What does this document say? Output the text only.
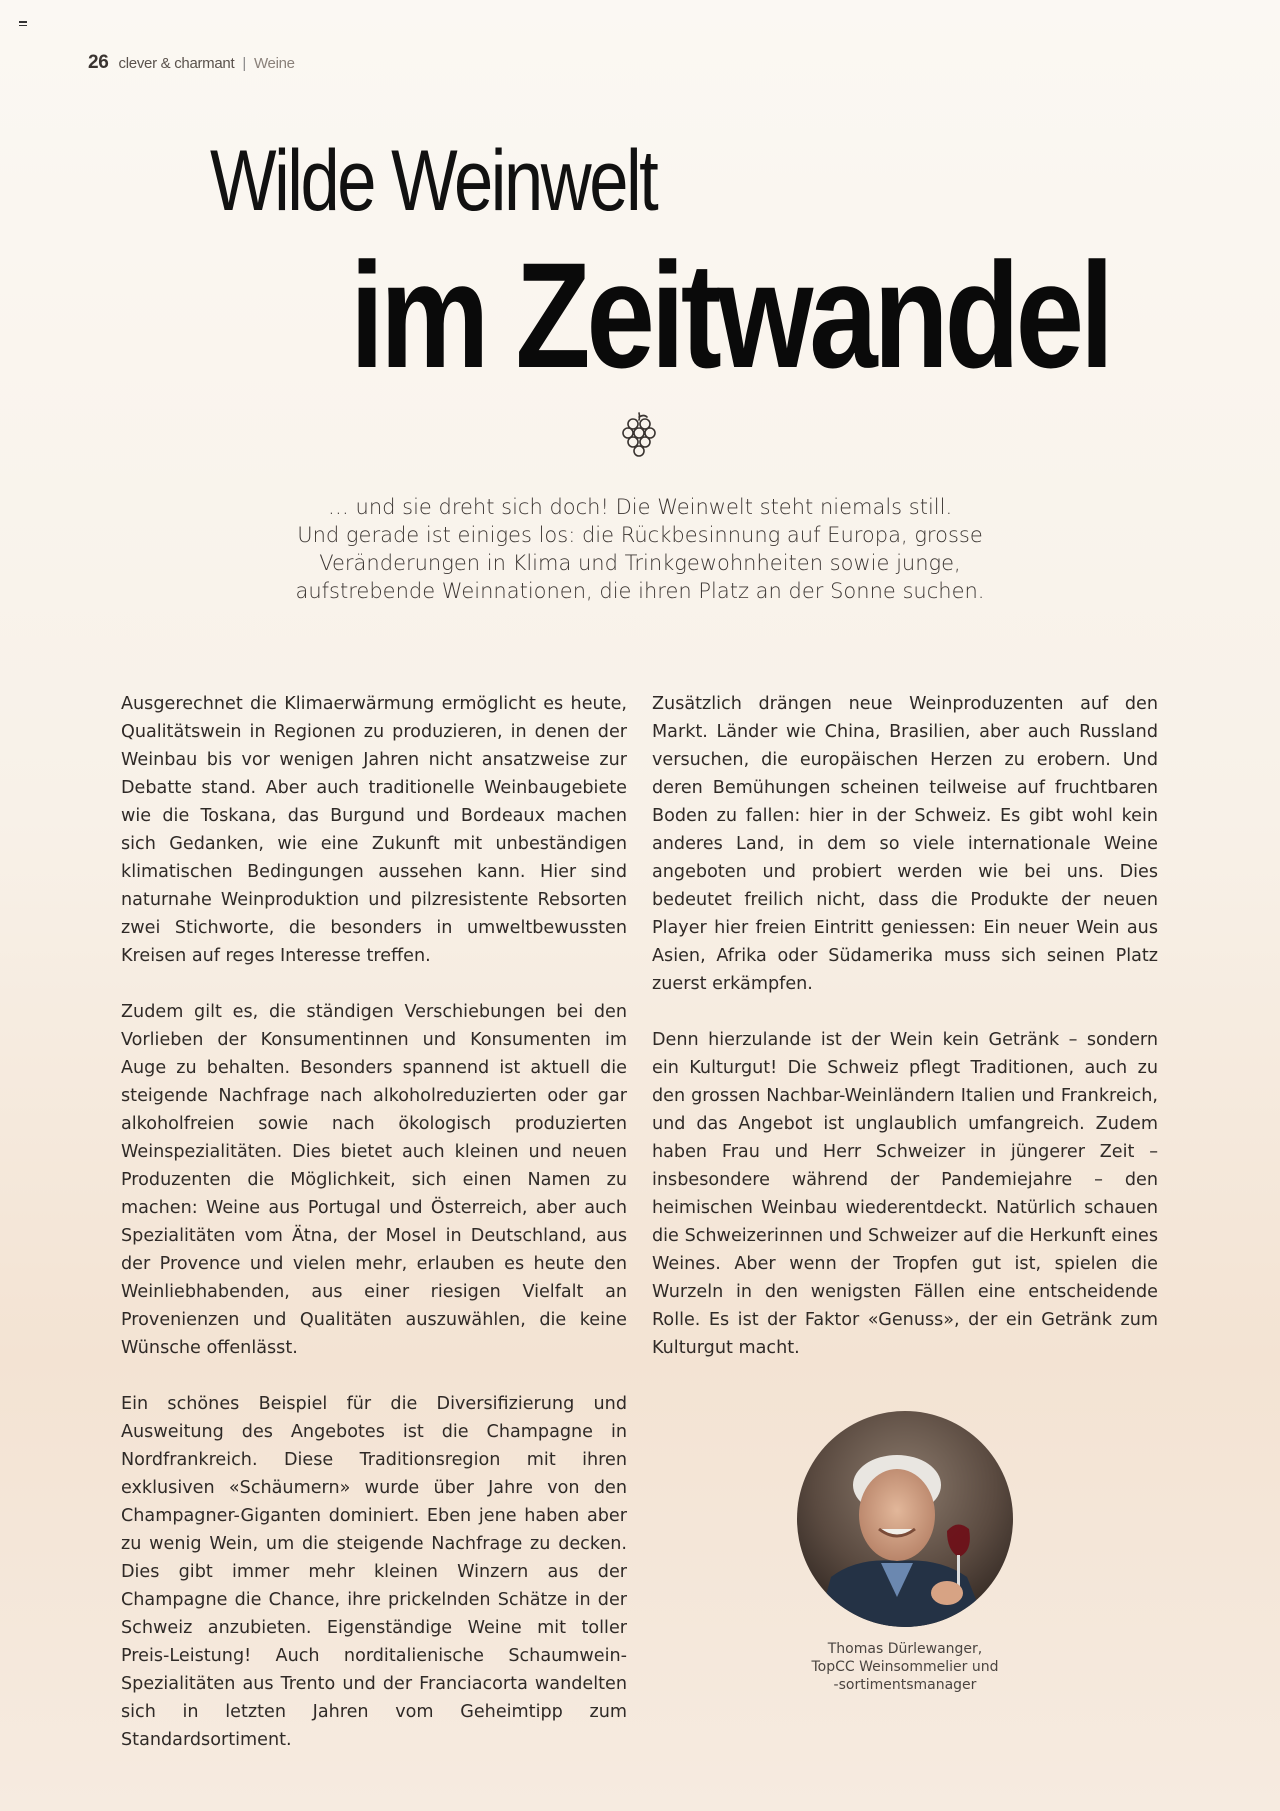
26 clever & charmant | Weine
Wilde Weinwelt
im Zeitwandel
… und sie dreht sich doch! Die Weinwelt steht niemals still.
Und gerade ist einiges los: die Rückbesinnung auf Europa, grosse
Veränderungen in Klima und Trinkgewohnheiten sowie junge,
aufstrebende Weinnationen, die ihren Platz an der Sonne suchen.

Ausgerechnet die Klimaerwärmung ermöglicht es heute, Qualitätswein in Regionen zu produzieren, in denen der Weinbau bis vor wenigen Jahren nicht ansatzweise zur Debatte stand. Aber auch traditionelle Weinbaugebiete wie die Toskana, das Burgund und Bordeaux machen sich Gedanken, wie eine Zukunft mit unbeständigen klimatischen Bedingungen aussehen kann. Hier sind naturnahe Weinproduktion und pilzresistente Rebsorten zwei Stichworte, die besonders in umweltbewussten Kreisen auf reges Interesse treffen.

Zudem gilt es, die ständigen Verschiebungen bei den Vorlieben der Konsumentinnen und Konsumenten im Auge zu behalten. Besonders spannend ist aktuell die steigende Nachfrage nach alkoholreduzierten oder gar alkoholfreien sowie nach ökologisch produzierten Weinspezialitäten. Dies bietet auch kleinen und neuen Produzenten die Möglichkeit, sich einen Namen zu machen: Weine aus Portugal und Österreich, aber auch Spezialitäten vom Ätna, der Mosel in Deutschland, aus der Provence und vielen mehr, erlauben es heute den Weinliebhabenden, aus einer riesigen Vielfalt an Provenienzen und Qualitäten auszuwählen, die keine Wünsche offenlässt.

Ein schönes Beispiel für die Diversifizierung und Ausweitung des Angebotes ist die Champagne in Nordfrankreich. Diese Traditionsregion mit ihren exklusiven «Schäumern» wurde über Jahre von den Champagner-Giganten dominiert. Eben jene haben aber zu wenig Wein, um die steigende Nachfrage zu decken. Dies gibt immer mehr kleinen Winzern aus der Champagne die Chance, ihre prickelnden Schätze in der Schweiz anzubieten. Eigenständige Weine mit toller Preis-Leistung! Auch norditalienische Schaumwein-Spezialitäten aus Trento und der Franciacorta wandelten sich in letzten Jahren vom Geheimtipp zum Standardsortiment.

Zusätzlich drängen neue Weinproduzenten auf den Markt. Länder wie China, Brasilien, aber auch Russland versuchen, die europäischen Herzen zu erobern. Und deren Bemühungen scheinen teilweise auf fruchtbaren Boden zu fallen: hier in der Schweiz. Es gibt wohl kein anderes Land, in dem so viele internationale Weine angeboten und probiert werden wie bei uns. Dies bedeutet freilich nicht, dass die Produkte der neuen Player hier freien Eintritt geniessen: Ein neuer Wein aus Asien, Afrika oder Südamerika muss sich seinen Platz zuerst erkämpfen.

Denn hierzulande ist der Wein kein Getränk – sondern ein Kulturgut! Die Schweiz pflegt Traditionen, auch zu den grossen Nachbar-Weinländern Italien und Frankreich, und das Angebot ist unglaublich umfangreich. Zudem haben Frau und Herr Schweizer in jüngerer Zeit – insbesondere während der Pandemiejahre – den heimischen Weinbau wiederentdeckt. Natürlich schauen die Schweizerinnen und Schweizer auf die Herkunft eines Weines. Aber wenn der Tropfen gut ist, spielen die Wurzeln in den wenigsten Fällen eine entscheidende Rolle. Es ist der Faktor «Genuss», der ein Getränk zum Kulturgut macht.

Thomas Dürlewanger,
TopCC Weinsommelier und
-sortimentsmanager
